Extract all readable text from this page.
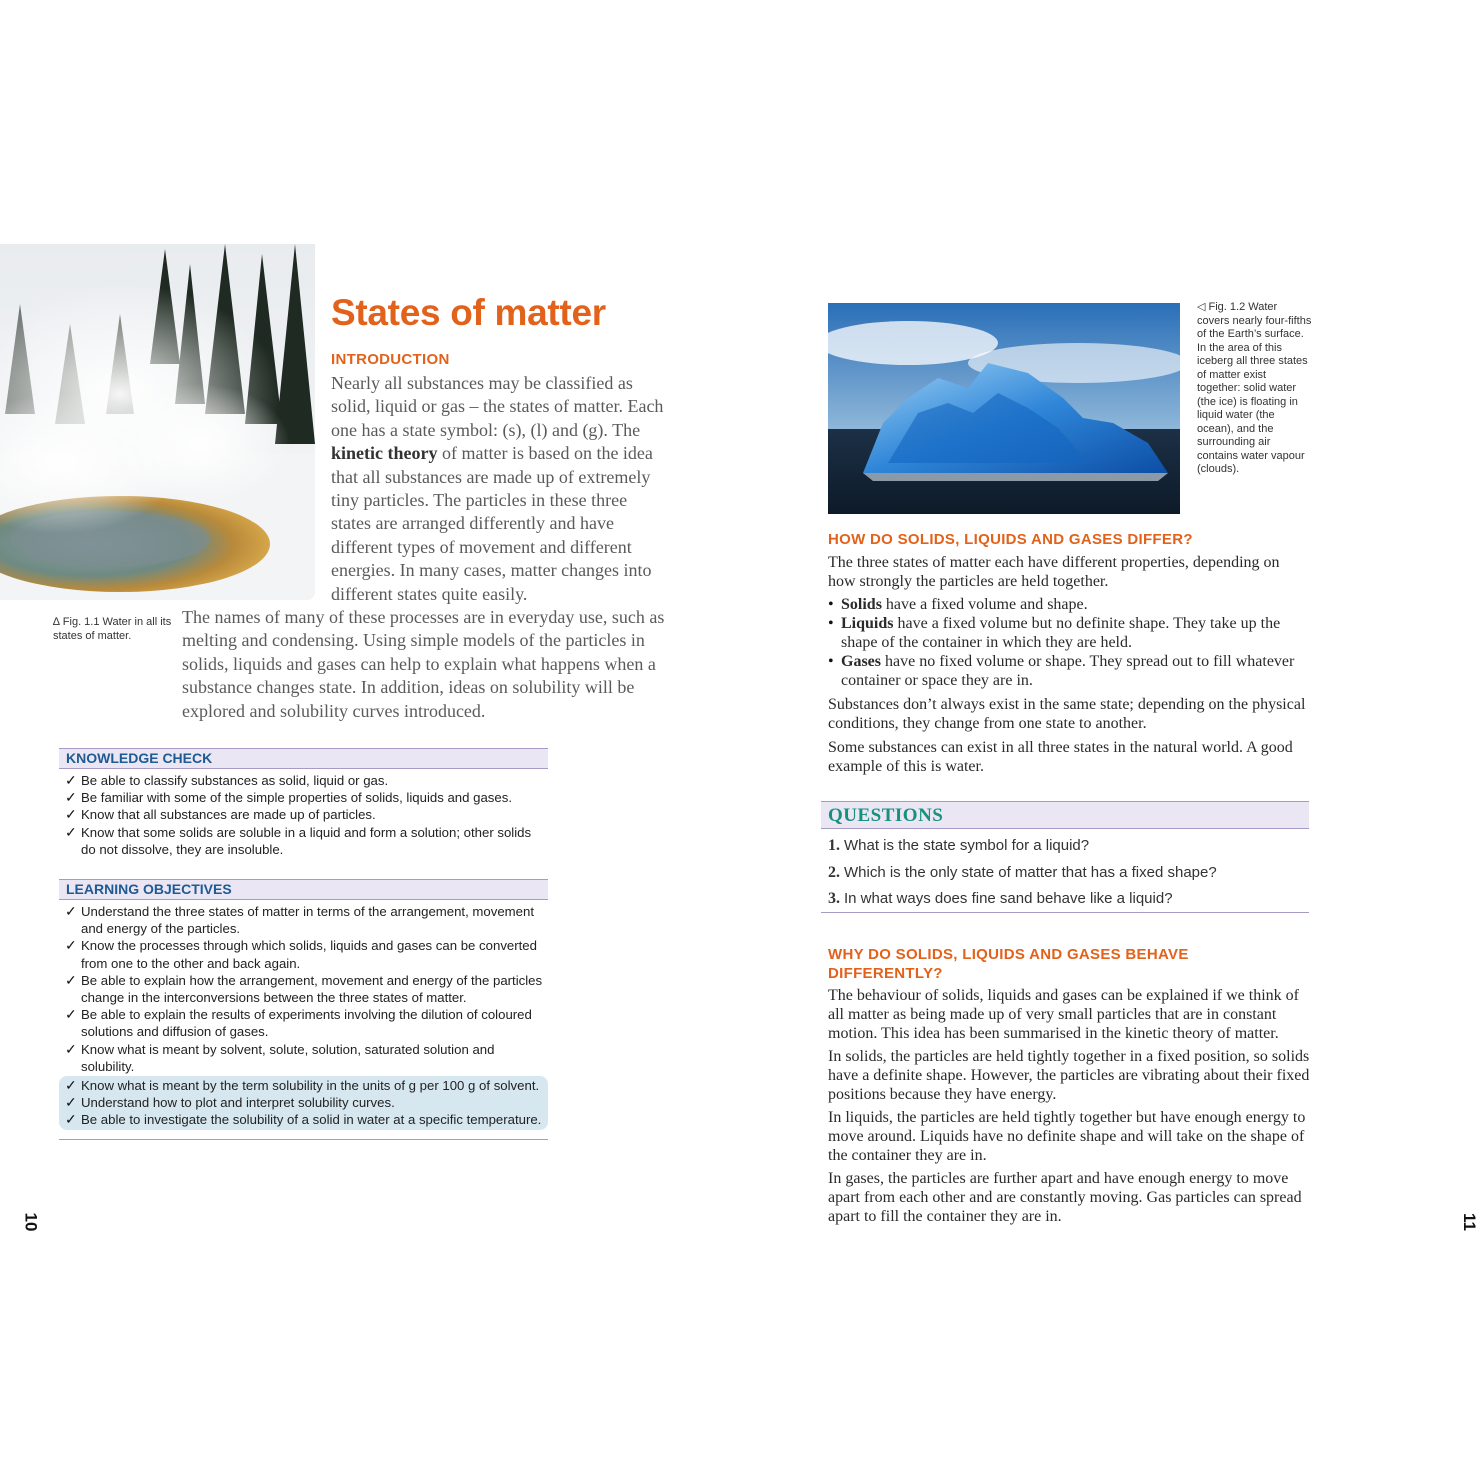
∆ Fig. 1.1 Water in all its states of matter.
States of matter
INTRODUCTION

Nearly all substances may be classified as solid, liquid or gas – the states of matter. Each one has a state symbol: (s), (l) and (g). The kinetic theory of matter is based on the idea that all substances are made up of extremely tiny particles. The particles in these three states are arranged differently and have different types of movement and different energies. In many cases, matter changes into different states quite easily.

The names of many of these processes are in everyday use, such as melting and condensing. Using simple models of the particles in solids, liquids and gases can help to explain what happens when a substance changes state. In addition, ideas on solubility will be explored and solubility curves introduced.

KNOWLEDGE CHECK
✓ Be able to classify substances as solid, liquid or gas.
✓ Be familiar with some of the simple properties of solids, liquids and gases.
✓ Know that all substances are made up of particles.
✓ Know that some solids are soluble in a liquid and form a solution; other solids do not dissolve, they are insoluble.
LEARNING OBJECTIVES
✓ Understand the three states of matter in terms of the arrangement, movement and energy of the particles.
✓ Know the processes through which solids, liquids and gases can be converted from one to the other and back again.
✓ Be able to explain how the arrangement, movement and energy of the particles change in the interconversions between the three states of matter.
✓ Be able to explain the results of experiments involving the dilution of coloured solutions and diffusion of gases.
✓ Know what is meant by solvent, solute, solution, saturated solution and solubility.
✓ Know what is meant by the term solubility in the units of g per 100 g of solvent.
✓ Understand how to plot and interpret solubility curves.
✓ Be able to investigate the solubility of a solid in water at a specific temperature.
10
◁ Fig. 1.2 Water covers nearly four-fifths of the Earth’s surface. In the area of this iceberg all three states of matter exist together: solid water (the ice) is floating in liquid water (the ocean), and the surrounding air contains water vapour (clouds).
HOW DO SOLIDS, LIQUIDS AND GASES DIFFER?

The three states of matter each have different properties, depending on how strongly the particles are held together.

• Solids have a fixed volume and shape.
• Liquids have a fixed volume but no definite shape. They take up the shape of the container in which they are held.
• Gases have no fixed volume or shape. They spread out to fill whatever container or space they are in.

Substances don’t always exist in the same state; depending on the physical conditions, they change from one state to another.

Some substances can exist in all three states in the natural world. A good example of this is water.

QUESTIONS
1. What is the state symbol for a liquid?
2. Which is the only state of matter that has a fixed shape?
3. In what ways does fine sand behave like a liquid?
WHY DO SOLIDS, LIQUIDS AND GASES BEHAVE
DIFFERENTLY?

The behaviour of solids, liquids and gases can be explained if we think of all matter as being made up of very small particles that are in constant motion. This idea has been summarised in the kinetic theory of matter.

In solids, the particles are held tightly together in a fixed position, so solids have a definite shape. However, the particles are vibrating about their fixed positions because they have energy.

In liquids, the particles are held tightly together but have enough energy to move around. Liquids have no definite shape and will take on the shape of the container they are in.

In gases, the particles are further apart and have enough energy to move apart from each other and are constantly moving. Gas particles can spread apart to fill the container they are in.	11
